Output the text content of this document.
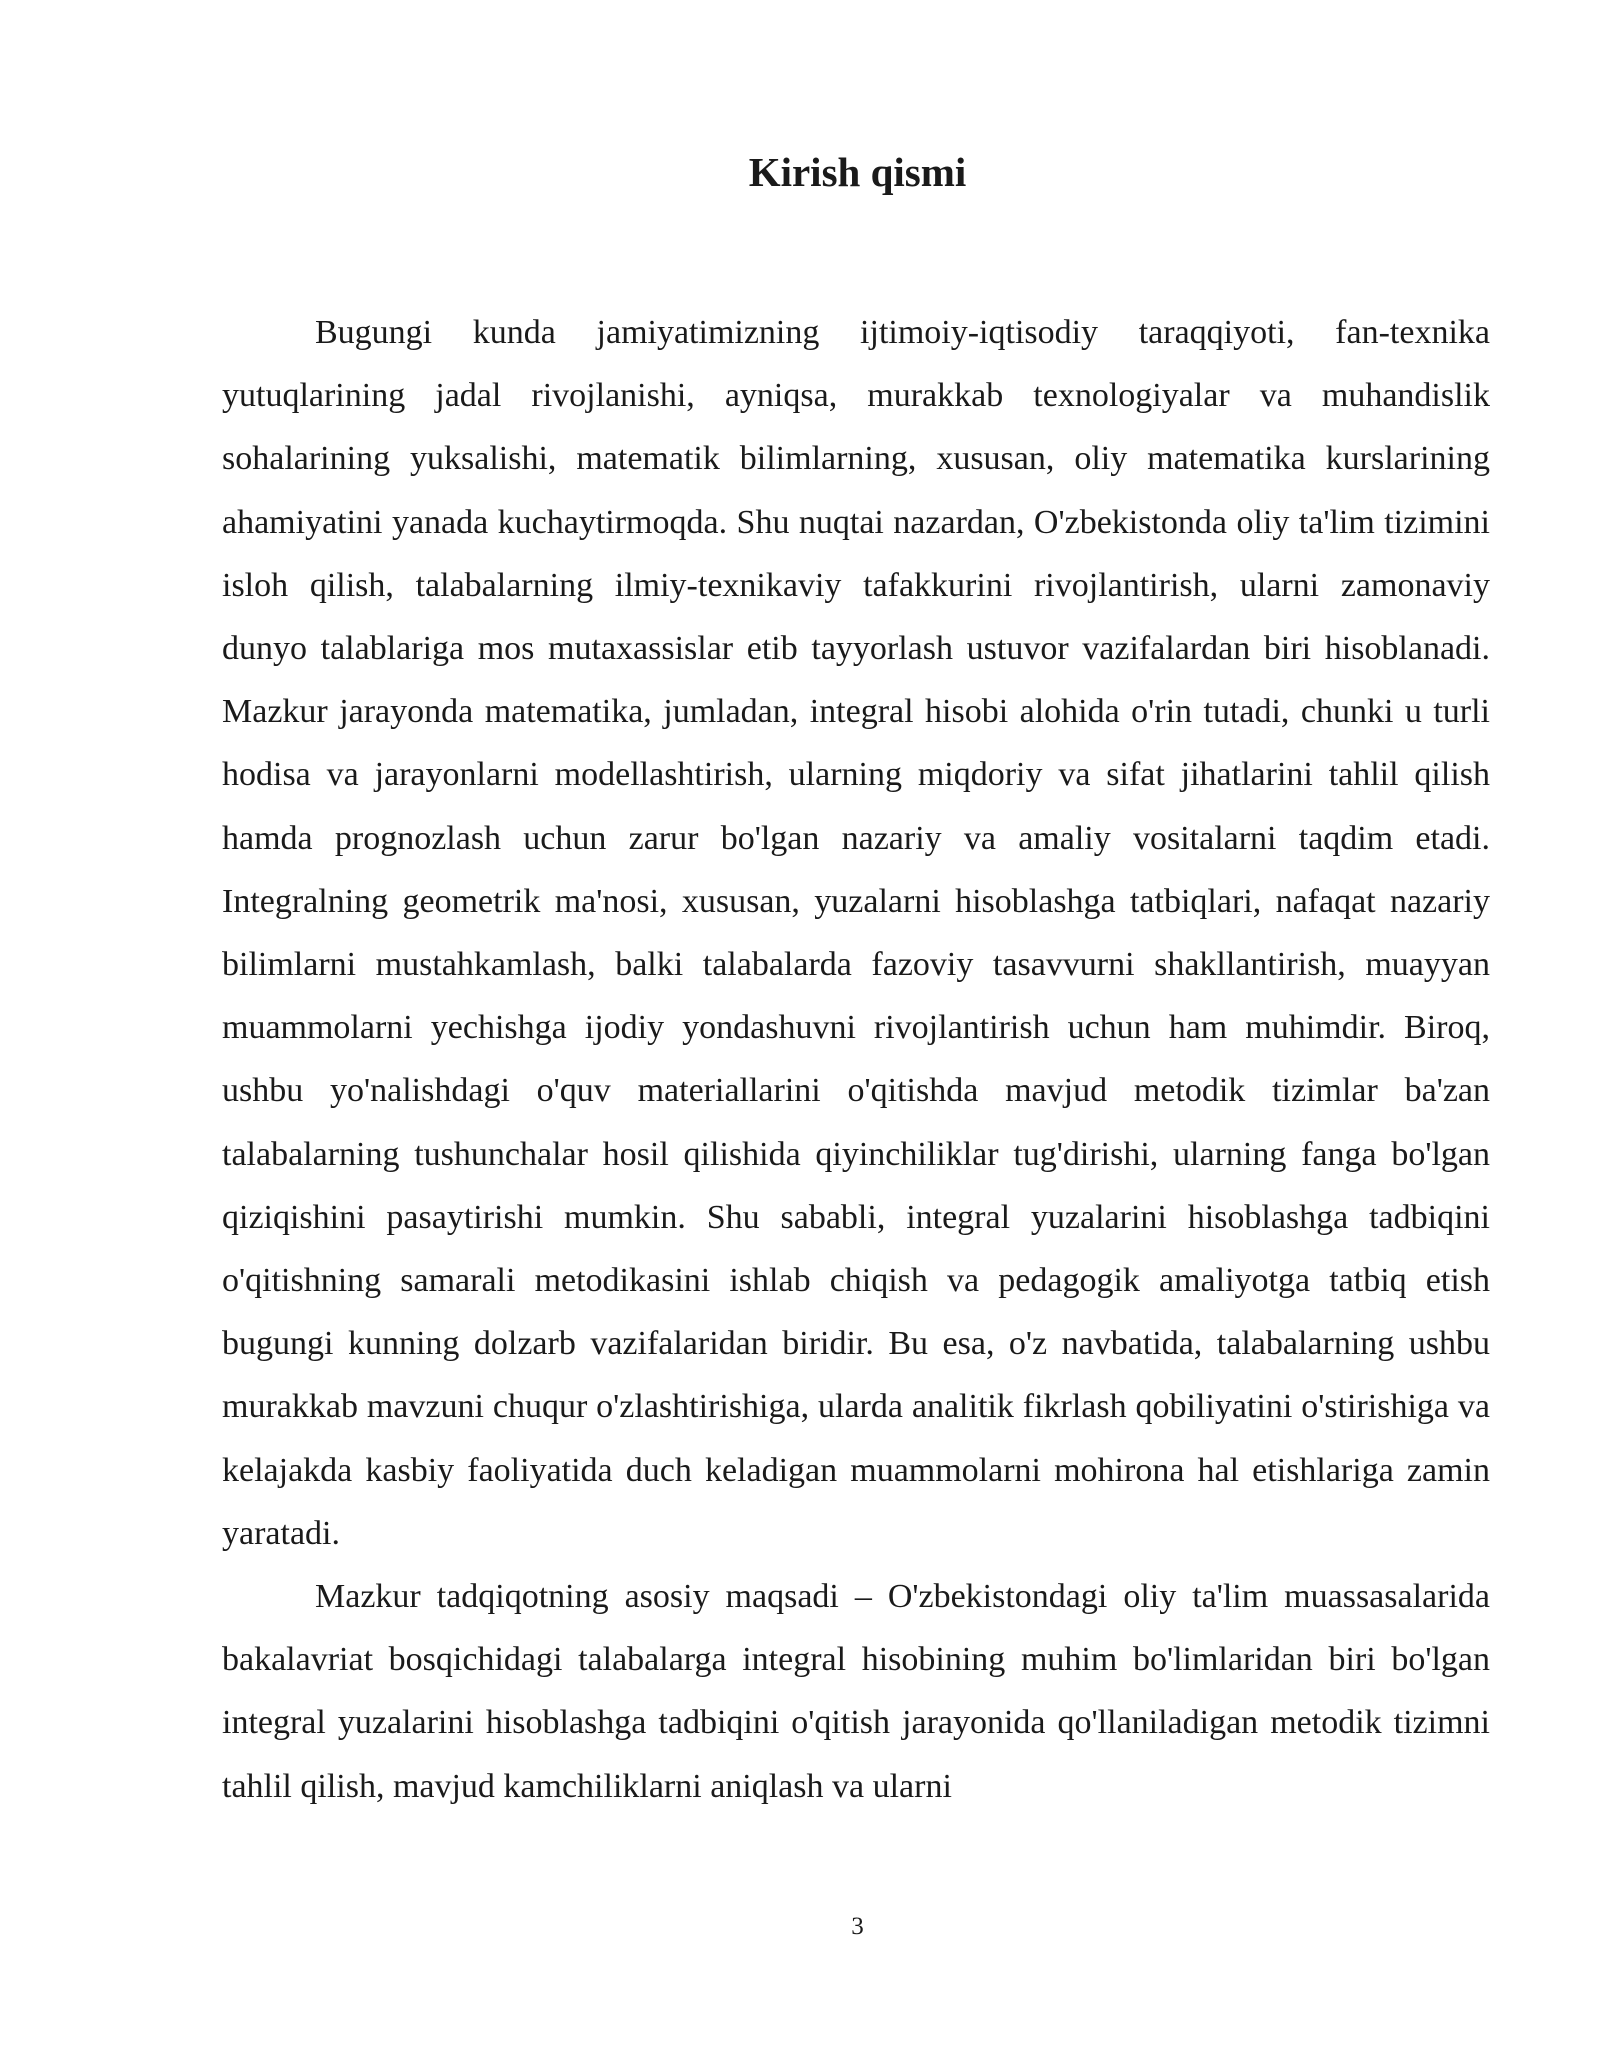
Kirish qismi

Bugungi kunda jamiyatimizning ijtimoiy-iqtisodiy taraqqiyoti, fan-texnika yutuqlarining jadal rivojlanishi, ayniqsa, murakkab texnologiyalar va muhandislik sohalarining yuksalishi, matematik bilimlarning, xususan, oliy matematika kurslarining ahamiyatini yanada kuchaytirmoqda. Shu nuqtai nazardan, O'zbekistonda oliy ta'lim tizimini isloh qilish, talabalarning ilmiy-texnikaviy tafakkurini rivojlantirish, ularni zamonaviy dunyo talablariga mos mutaxassislar etib tayyorlash ustuvor vazifalardan biri hisoblanadi. Mazkur jarayonda matematika, jumladan, integral hisobi alohida o'rin tutadi, chunki u turli hodisa va jarayonlarni modellashtirish, ularning miqdoriy va sifat jihatlarini tahlil qilish hamda prognozlash uchun zarur bo'lgan nazariy va amaliy vositalarni taqdim etadi. Integralning geometrik ma'nosi, xususan, yuzalarni hisoblashga tatbiqlari, nafaqat nazariy bilimlarni mustahkamlash, balki talabalarda fazoviy tasavvurni shakllantirish, muayyan muammolarni yechishga ijodiy yondashuvni rivojlantirish uchun ham muhimdir. Biroq, ushbu yo'nalishdagi o'quv materiallarini o'qitishda mavjud metodik tizimlar ba'zan talabalarning tushunchalar hosil qilishida qiyinchiliklar tug'dirishi, ularning fanga bo'lgan qiziqishini pasaytirishi mumkin. Shu sababli, integral yuzalarini hisoblashga tadbiqini o'qitishning samarali metodikasini ishlab chiqish va pedagogik amaliyotga tatbiq etish bugungi kunning dolzarb vazifalaridan biridir. Bu esa, o'z navbatida, talabalarning ushbu murakkab mavzuni chuqur o'zlashtirishiga, ularda analitik fikrlash qobiliyatini o'stirishiga va kelajakda kasbiy faoliyatida duch keladigan muammolarni mohirona hal etishlariga zamin yaratadi.

Mazkur tadqiqotning asosiy maqsadi – O'zbekistondagi oliy ta'lim muassasalarida bakalavriat bosqichidagi talabalarga integral hisobining muhim bo'limlaridan biri bo'lgan integral yuzalarini hisoblashga tadbiqini o'qitish jarayonida qo'llaniladigan metodik tizimni tahlil qilish, mavjud kamchiliklarni aniqlash va ularni

3
